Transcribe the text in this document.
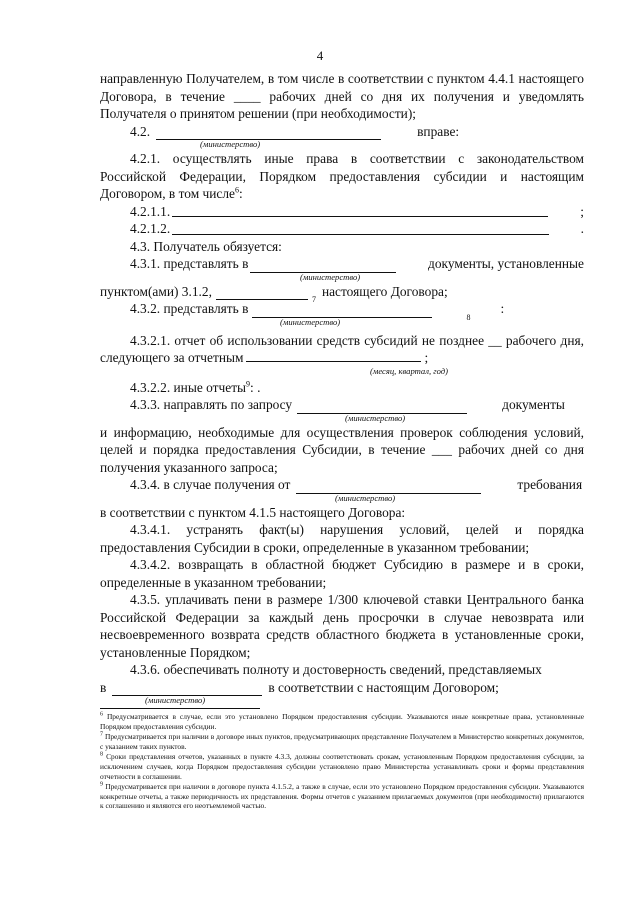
4

направленную Получателем, в том числе в соответствии с пунктом 4.4.1 настоящего Договора, в течение ____ рабочих дней со дня их получения и уведомлять Получателя о принятом решении (при необходимости);

4.2.	вправе:
(министерство)

4.2.1. осуществлять иные права в соответствии с законодательством Российской Федерации, Порядком предоставления субсидии и настоящим Договором, в том числе$^6$:

4.2.1.1.	;
4.2.1.2.	.

4.3. Получатель обязуется:

4.3.1. представлять в	документы, установленные
(министерство)
пунктом(ами) 3.1.2,
7
настоящего Договора;
4.3.2. представлять в
8
:
(министерство)

4.3.2.1. отчет об использовании средств субсидий не позднее __ рабочего дня, следующего за отчетным	;

(месяц, квартал, год)

4.3.2.2. иные отчеты$^9$: .

4.3.3. направлять по запросу	документы
(министерство)

и информацию, необходимые для осуществления проверок соблюдения условий, целей и порядка предоставления Субсидии, в течение ___ рабочих дней со дня получения указанного запроса;

4.3.4. в случае получения от	требования
(министерство)

в соответствии с пунктом 4.1.5 настоящего Договора:

4.3.4.1. устранять факт(ы) нарушения условий, целей и порядка предоставления Субсидии в сроки, определенные в указанном требовании;

4.3.4.2. возвращать в областной бюджет Субсидию в размере и в сроки, определенные в указанном требовании;

4.3.5. уплачивать пени в размере 1/300 ключевой ставки Центрального банка Российской Федерации за каждый день просрочки в случае невозврата или несвоевременного возврата средств областного бюджета в установленные сроки, установленные Порядком;

4.3.6. обеспечивать полноту и достоверность сведений, представляемых

в	в соответствии с настоящим Договором;
(министерство)

$^6$ Предусматривается в случае, если это установлено Порядком предоставления субсидии. Указываются иные конкретные права, установленные Порядком предоставления субсидии.

$^7$ Предусматривается при наличии в договоре иных пунктов, предусматривающих представление Получателем в Министерство конкретных документов, с указанием таких пунктов.

$^8$ Сроки представления отчетов, указанных в пункте 4.3.3, должны соответствовать срокам, установленным Порядком предоставления субсидии, за исключением случаев, когда Порядком предоставления субсидии установлено право Министерства устанавливать сроки и формы представления отчетности в соглашении.

$^9$ Предусматривается при наличии в договоре пункта 4.1.5.2, а также в случае, если это установлено Порядком предоставления субсидии. Указываются конкретные отчеты, а также периодичность их представления. Формы отчетов с указанием прилагаемых документов (при необходимости) прилагаются к соглашению и являются его неотъемлемой частью.
